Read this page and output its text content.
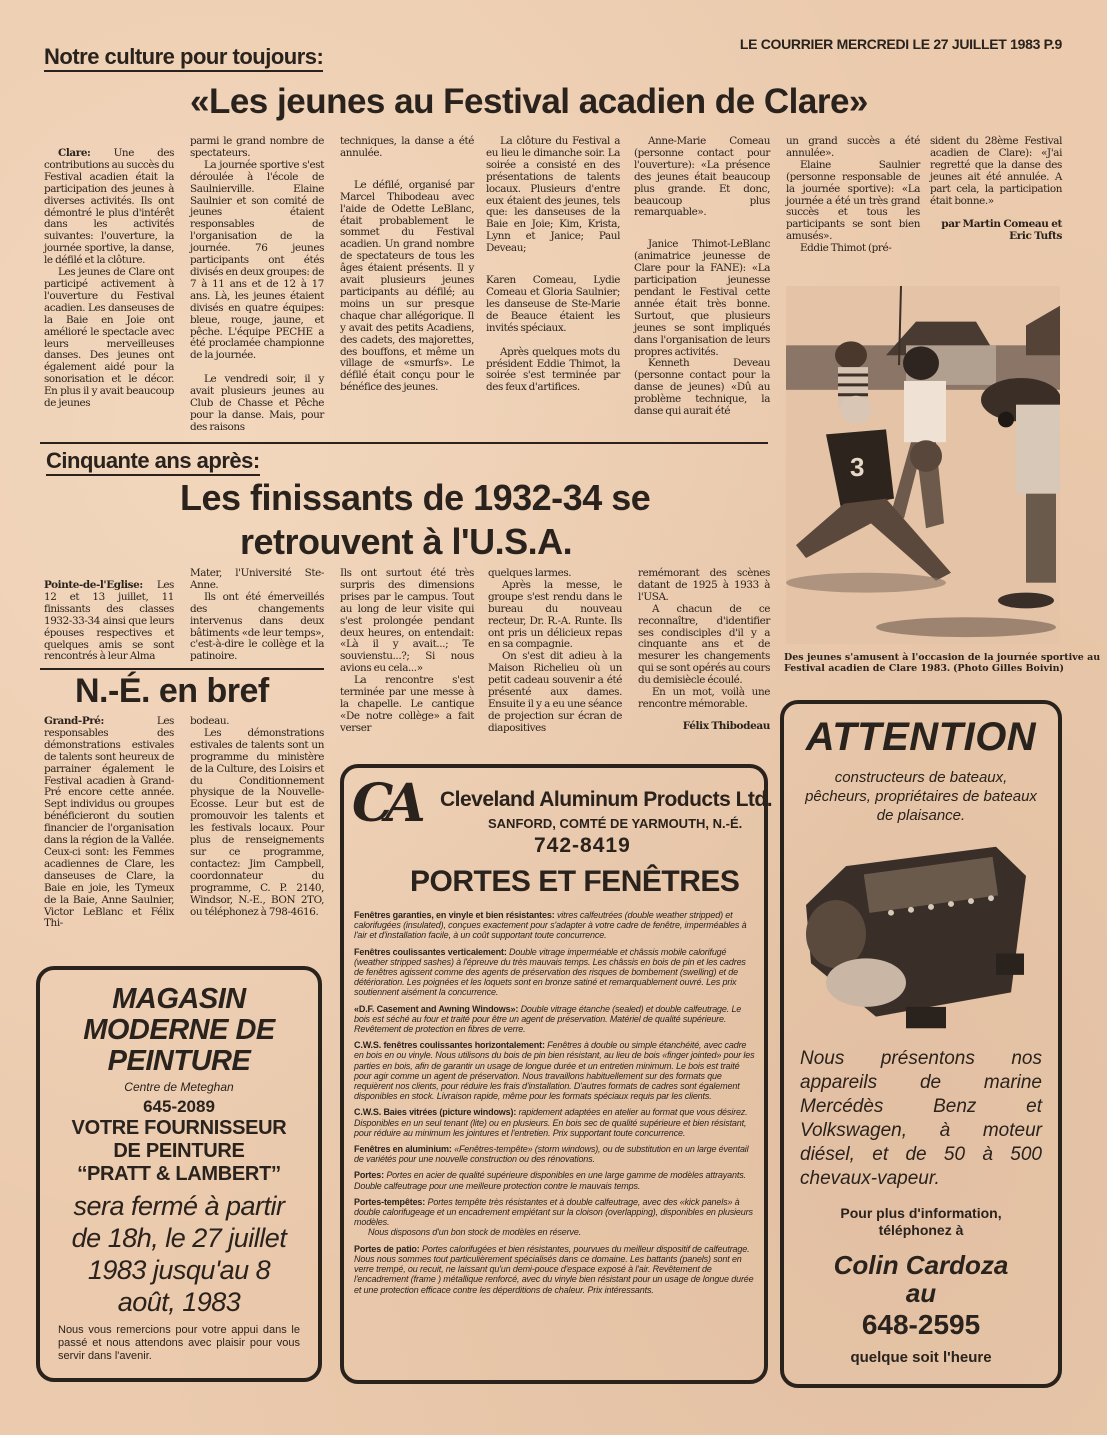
LE COURRIER MERCREDI LE 27 JUILLET 1983 P.9
Notre culture pour toujours:
«Les jeunes au Festival acadien de Clare»

Clare: Une des contributions au succès du Festival acadien était la participation des jeunes à diverses activités. Ils ont démontré le plus d'intérêt dans les activités suivantes: l'ouverture, la journée sportive, la danse, le défilé et la clôture.

Les jeunes de Clare ont participé activement à l'ouverture du Festival acadien. Les danseuses de la Baie en Joie ont amélioré le spectacle avec leurs merveilleuses danses. Des jeunes ont également aidé pour la sonorisation et le décor. En plus il y avait beaucoup de jeunes

parmi le grand nombre de spectateurs.

La journée sportive s'est déroulée à l'école de Saulnierville. Elaine Saulnier et son comité de jeunes étaient responsables de l'organisation de la journée. 76 jeunes participants ont étés divisés en deux groupes: de 7 à 11 ans et de 12 à 17 ans. Là, les jeunes étaient divisés en quatre équipes: bleue, rouge, jaune, et pêche. L'équipe PECHE a été proclamée championne de la journée.

Le vendredi soir, il y avait plusieurs jeunes au Club de Chasse et Pêche pour la danse. Mais, pour des raisons

techniques, la danse a été annulée.

Le défilé, organisé par Marcel Thibodeau avec l'aide de Odette LeBlanc, était probablement le sommet du Festival acadien. Un grand nombre de spectateurs de tous les âges étaient présents. Il y avait plusieurs jeunes participants au défilé; au moins un sur presque chaque char allégorique. Il y avait des petits Acadiens, des cadets, des majorettes, des bouffons, et même un village de «smurfs». Le défilé était conçu pour le bénéfice des jeunes.

La clôture du Festival a eu lieu le dimanche soir. La soirée a consisté en des présentations de talents locaux. Plusieurs d'entre eux étaient des jeunes, tels que: les danseuses de la Baie en Joie; Kim, Krista, Lynn et Janice; Paul Deveau;

Karen Comeau, Lydie Comeau et Gloria Saulnier; les danseuse de Ste-Marie de Beauce étaient les invités spéciaux.

Après quelques mots du président Eddie Thimot, la soirée s'est terminée par des feux d'artifices.

Anne-Marie Comeau (personne contact pour l'ouverture): «La présence des jeunes était beaucoup plus grande. Et donc, beaucoup plus remarquable».

Janice Thimot-LeBlanc (animatrice jeunesse de Clare pour la FANE): «La participation jeunesse pendant le Festival cette année était très bonne. Surtout, que plusieurs jeunes se sont impliqués dans l'organisation de leurs propres activités.

Kenneth Deveau (personne contact pour la danse de jeunes) «Dû au problème technique, la danse qui aurait été

un grand succès a été annulée».

Elaine Saulnier (personne responsable de la journée sportive): «La journée a été un très grand succès et tous les participants se sont bien amusés».

Eddie Thimot (pré-

sident du 28ème Festival acadien de Clare): «J'ai regretté que la danse des jeunes ait été annulée. A part cela, la participation était bonne.»

par Martin Comeau et
Eric Tufts
3
Des jeunes s'amusent à l'occasion de la journée sportive au
Festival acadien de Clare 1983. (Photo Gilles Boivin)
Cinquante ans après:
Les finissants de 1932-34 se
retrouvent à l'U.S.A.

Pointe-de-l'Eglise: Les 12 et 13 juillet, 11 finissants des classes 1932-33-34 ainsi que leurs épouses respectives et quelques amis se sont rencontrés à leur Alma

Mater, l'Université Ste-Anne.

Ils ont été émerveillés des changements intervenus dans deux bâtiments «de leur temps», c'est-à-dire le collège et la patinoire.

Ils ont surtout été très surpris des dimensions prises par le campus. Tout au long de leur visite qui s'est prolongée pendant deux heures, on entendait: «Là il y avait...; Te souvienstu...?; Si nous avions eu cela...»

La rencontre s'est terminée par une messe à la chapelle. Le cantique «De notre collège» a fait verser

quelques larmes.

Après la messe, le groupe s'est rendu dans le bureau du nouveau recteur, Dr. R.-A. Runte. Ils ont pris un délicieux repas en sa compagnie.

On s'est dit adieu à la Maison Richelieu où un petit cadeau souvenir a été présenté aux dames. Ensuite il y a eu une séance de projection sur écran de diapositives

remémorant des scènes datant de 1925 à 1933 à l'USA.

A chacun de ce reconnaître, d'identifier ses condisciples d'il y a cinquante ans et de mesurer les changements qui se sont opérés au cours du demisiècle écoulé.

En un mot, voilà une rencontre mémorable.

Félix Thibodeau
N.-É. en bref

Grand-Pré:	Les responsables des démonstrations estivales de talents sont heureux de parrainer également le Festival acadien à Grand-Pré encore cette année. Sept individus ou groupes bénéficieront du soutien financier de l'organisation dans la région de la Vallée. Ceux-ci sont: les Femmes acadiennes de Clare, les danseuses de Clare, la Baie en joie, les Tymeux de la Baie, Anne Saulnier, Victor LeBlanc et Félix Thi-

bodeau.

Les démonstrations estivales de talents sont un programme du ministère de la Culture, des Loisirs et du Conditionnement physique de la Nouvelle-Ecosse. Leur but est de promouvoir les talents et les festivals locaux. Pour plus de renseignements sur ce programme, contactez: Jim Campbell, coordonnateur du programme, C. P. 2140, Windsor, N.-E., BON 2TO, ou téléphonez à 798-4616.

MAGASIN
MODERNE DE
PEINTURE
Centre de Meteghan
645-2089
VOTRE FOURNISSEUR
DE PEINTURE
‘‘PRATT & LAMBERT’’
sera fermé à partir
de 18h, le 27 juillet
1983 jusqu'au 8
août, 1983
Nous vous remercions pour votre appui dans le passé et nous attendons avec plaisir pour vous servir dans l'avenir.
CA Cleveland Aluminum Products Ltd.
SANFORD, COMTÉ DE YARMOUTH, N.-É.
742-8419
PORTES ET FENÊTRES

Fenêtres garanties, en vinyle et bien résistantes: vitres calfeutrées (double weather stripped) et calorifugées (insulated), conçues exactement pour s'adapter à votre cadre de fenêtre, imperméables à l'air et d'installation facile, à un coût supportant toute concurrence.

Fenêtres coulissantes verticalement: Double vitrage imperméable et châssis mobile calorifugé (weather stripped sashes) à l'épreuve du très mauvais temps. Les châssis en bois de pin et les cadres de fenêtres agissent comme des agents de préservation des risques de bombement (swelling) et de détérioration. Les poignées et les loquets sont en bronze satiné et remarquablement ouvré. Les prix soutiennent aisément la concurrence.

«D.F. Casement and Awning Windows»: Double vitrage étanche (sealed) et double calfeutrage. Le bois est séché au four et traité pour être un agent de préservation. Matériel de qualité supérieure. Revêtement de protection en fibres de verre.

C.W.S. fenêtres coulissantes horizontalement: Fenêtres à double ou simple étanchéité, avec cadre en bois en ou vinyle. Nous utilisons du bois de pin bien résistant, au lieu de bois «finger jointed» pour les parties en bois, afin de garantir un usage de longue durée et un entretien minimum. Le bois est traité pour agir comme un agent de préservation. Nous travaillons habituellement sur des formats que requièrent nos clients, pour réduire les frais d'installation. D'autres formats de cadres sont également disponibles en stock. Livraison rapide, même pour les formats spéciaux requis par les clients.

C.W.S. Baies vitrées (picture windows): rapidement adaptées en atelier au format que vous désirez. Disponibles en un seul tenant (lite) ou en plusieurs. En bois sec de qualité supérieure et bien résistant, pour réduire au minimum les jointures et l'entretien. Prix supportant toute concurrence.

Fenêtres en aluminium: «Fenêtres-tempête» (storm windows), ou de substitution en un large éventail de variétés pour une nouvelle construction ou des rénovations.

Portes: Portes en acier de qualité supérieure disponibles en une large gamme de modèles attrayants. Double calfeutrage pour une meilleure protection contre le mauvais temps.

Portes-tempêtes: Portes tempête très résistantes et à double calfeutrage, avec des «kick panels» à double calorifugeage et un encadrement empiétant sur la cloison (overlapping), disponibles en plusieurs modèles.
Nous disposons d'un bon stock de modèles en réserve.

Portes de patio: Portes calorifugées et bien résistantes, pourvues du meilleur dispositif de calfeutrage. Nous nous sommes tout particulièrement spécialisés dans ce domaine. Les battants (panels) sont en verre trempé, ou recuit, ne laissant qu'un demi-pouce d'espace exposé à l'air. Revêtement de l'encadrement (frame ) métallique renforcé, avec du vinyle bien résistant pour un usage de longue durée et une protection efficace contre les déperditions de chaleur. Prix intéressants.

ATTENTION
constructeurs de bateaux, pêcheurs, propriétaires de bateaux de plaisance.
Nous présentons nos appareils de marine Mercédès Benz et Volkswagen, à moteur diésel, et de 50 à 500 chevaux-vapeur.
Pour plus d'information,
téléphonez à
Colin Cardoza
au
648-2595
quelque soit l'heure
